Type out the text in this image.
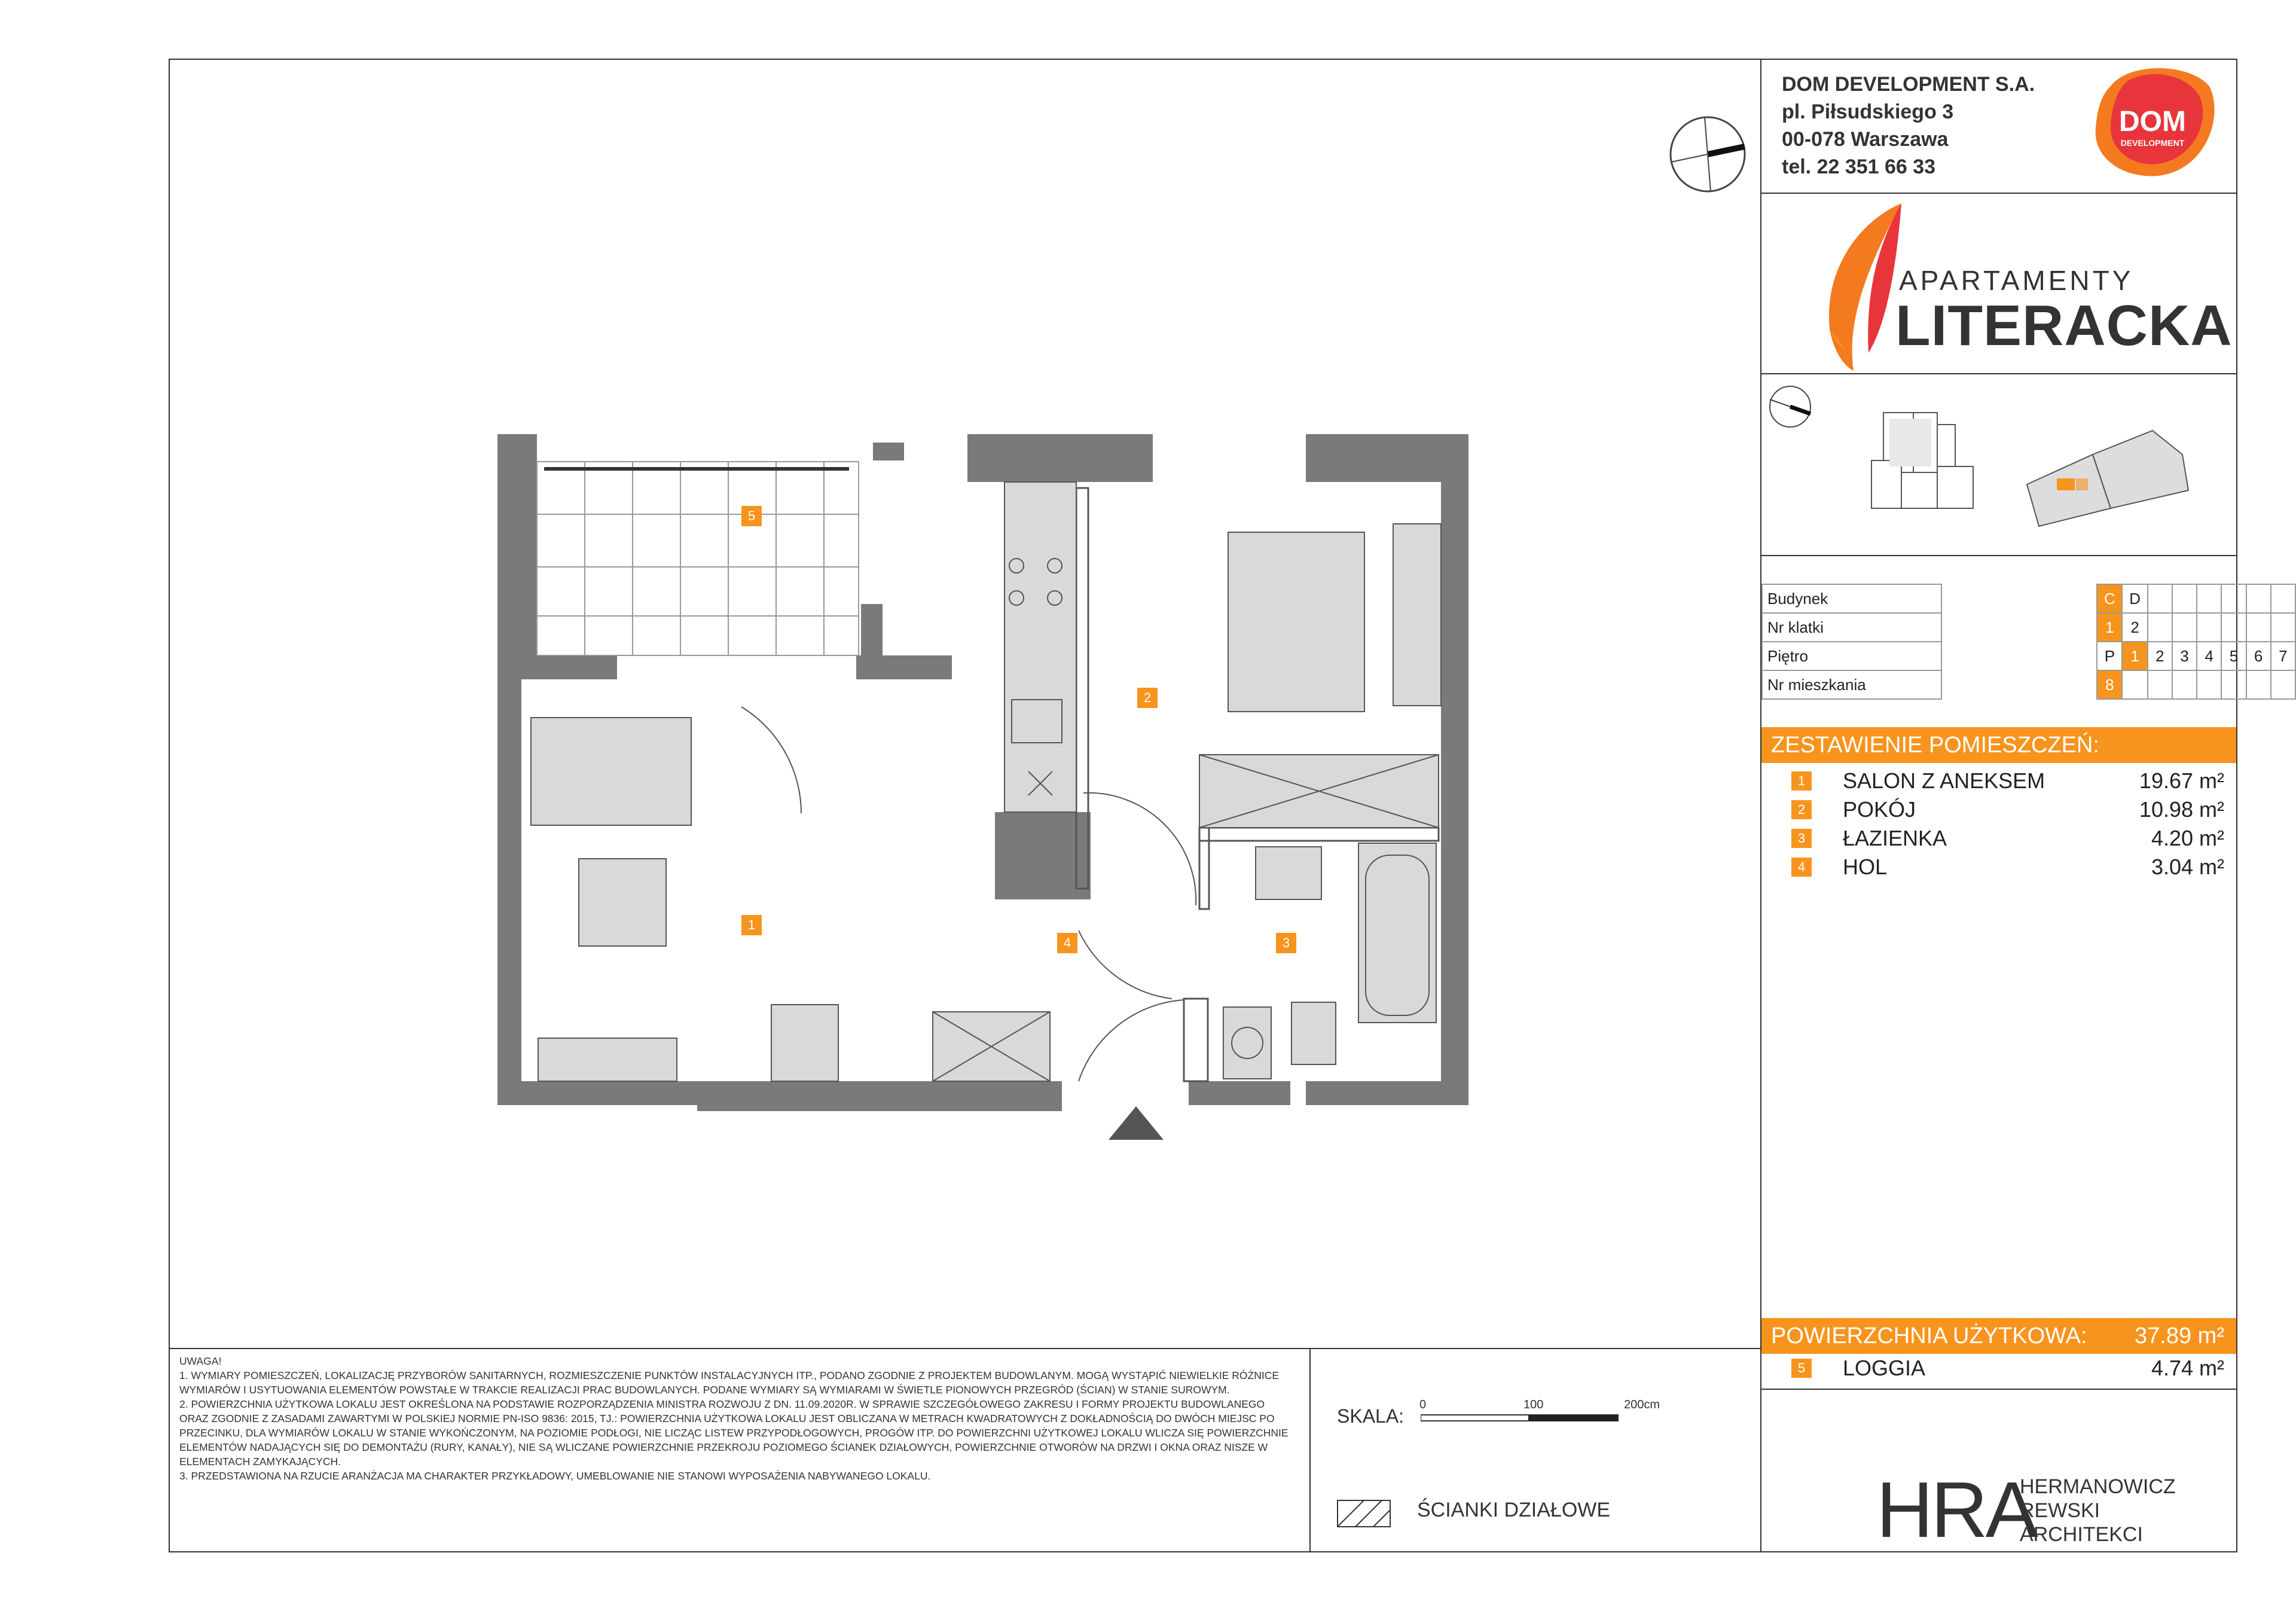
DOM DEVELOPMENT S.A.
pl. Piłsudskiego 3
00-078 Warszawa
tel. 22 351 66 33
DOM
DEVELOPMENT
APARTAMENTY
LITERACKA
Budynek		C	D						
Nr klatki		1	2						
Piętro		P	1	2	3	4	5	6	7
Nr mieszkania		8							
ZESTAWIENIE POMIESZCZEŃ:
1	SALON Z ANEKSEM	19.67 m²
2	POKÓJ	10.98 m²
3	ŁAZIENKA	4.20 m²
4	HOL	3.04 m²
POWIERZCHNIA UŻYTKOWA: 37.89 m²
5	LOGGIA	4.74 m²

UWAGA!

1. WYMIARY POMIESZCZEŃ, LOKALIZACJĘ PRZYBORÓW SANITARNYCH, ROZMIESZCZENIE PUNKTÓW INSTALACYJNYCH ITP., PODANO ZGODNIE Z PROJEKTEM BUDOWLANYM. MOGĄ WYSTĄPIĆ NIEWIELKIE RÓŻNICE WYMIARÓW I USYTUOWANIA ELEMENTÓW POWSTAŁE W TRAKCIE REALIZACJI PRAC BUDOWLANYCH. PODANE WYMIARY SĄ WYMIARAMI W ŚWIETLE PIONOWYCH PRZEGRÓD (ŚCIAN) W STANIE SUROWYM.

2. POWIERZCHNIA UŻYTKOWA LOKALU JEST OKREŚLONA NA PODSTAWIE ROZPORZĄDZENIA MINISTRA ROZWOJU Z DN. 11.09.2020R. W SPRAWIE SZCZEGÓŁOWEGO ZAKRESU I FORMY PROJEKTU BUDOWLANEGO ORAZ ZGODNIE Z ZASADAMI ZAWARTYMI W POLSKIEJ NORMIE PN-ISO 9836: 2015, TJ.: POWIERZCHNIA UŻYTKOWA LOKALU JEST OBLICZANA W METRACH KWADRATOWYCH Z DOKŁADNOŚCIĄ DO DWÓCH MIEJSC PO PRZECINKU, DLA WYMIARÓW LOKALU W STANIE WYKOŃCZONYM, NA POZIOMIE PODŁOGI, NIE LICZĄC LISTEW PRZYPODŁOGOWYCH, PROGÓW ITP. DO POWIERZCHNI UŻYTKOWEJ LOKALU WLICZA SIĘ POWIERZCHNIE ELEMENTÓW NADAJĄCYCH SIĘ DO DEMONTAŻU (RURY, KANAŁY), NIE SĄ WLICZANE POWIERZCHNIE PRZEKROJU POZIOMEGO ŚCIANEK DZIAŁOWYCH, POWIERZCHNIE OTWORÓW NA DRZWI I OKNA ORAZ NISZE W ELEMENTACH ZAMYKAJĄCYCH.

3. PRZEDSTAWIONA NA RZUCIE ARANŻACJA MA CHARAKTER PRZYKŁADOWY, UMEBLOWANIE NIE STANOWI WYPOSAŻENIA NABYWANEGO LOKALU.

SKALA:
0	100	200cm
ŚCIANKI DZIAŁOWE	HRA
HERMANOWICZ
REWSKI
ARCHITEKCI
5
2
1
4	3
